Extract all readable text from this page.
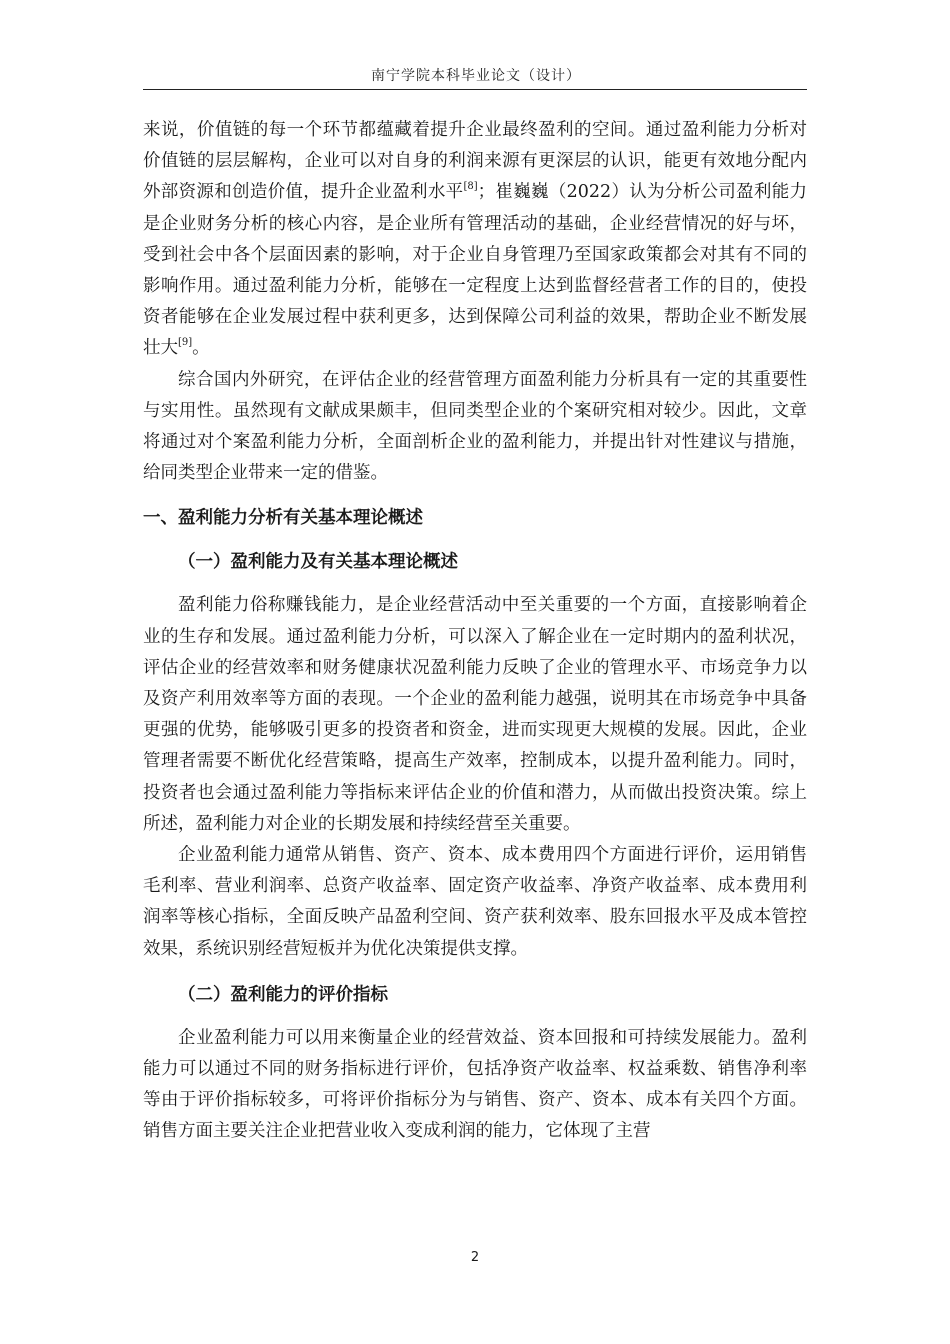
南宁学院本科毕业论文（设计）

来说，价值链的每一个环节都蕴藏着提升企业最终盈利的空间。通过盈利能力分析对价值链的层层解构，企业可以对自身的利润来源有更深层的认识，能更有效地分配内外部资源和创造价值，提升企业盈利水平[8]；崔巍巍（2022）认为分析公司盈利能力是企业财务分析的核心内容，是企业所有管理活动的基础，企业经营情况的好与坏，受到社会中各个层面因素的影响，对于企业自身管理乃至国家政策都会对其有不同的影响作用。通过盈利能力分析，能够在一定程度上达到监督经营者工作的目的，使投资者能够在企业发展过程中获利更多，达到保障公司利益的效果，帮助企业不断发展壮大[9]。

综合国内外研究，在评估企业的经营管理方面盈利能力分析具有一定的其重要性与实用性。虽然现有文献成果颇丰，但同类型企业的个案研究相对较少。因此，文章将通过对个案盈利能力分析，全面剖析企业的盈利能力，并提出针对性建议与措施，给同类型企业带来一定的借鉴。

一、盈利能力分析有关基本理论概述
（一）盈利能力及有关基本理论概述

盈利能力俗称赚钱能力，是企业经营活动中至关重要的一个方面，直接影响着企业的生存和发展。通过盈利能力分析，可以深入了解企业在一定时期内的盈利状况，评估企业的经营效率和财务健康状况盈利能力反映了企业的管理水平、市场竞争力以及资产利用效率等方面的表现。一个企业的盈利能力越强，说明其在市场竞争中具备更强的优势，能够吸引更多的投资者和资金，进而实现更大规模的发展。因此，企业管理者需要不断优化经营策略，提高生产效率，控制成本，以提升盈利能力。同时，投资者也会通过盈利能力等指标来评估企业的价值和潜力，从而做出投资决策。综上所述，盈利能力对企业的长期发展和持续经营至关重要。

企业盈利能力通常从销售、资产、资本、成本费用四个方面进行评价，运用销售毛利率、营业利润率、总资产收益率、固定资产收益率、净资产收益率、成本费用利润率等核心指标，全面反映产品盈利空间、资产获利效率、股东回报水平及成本管控效果，系统识别经营短板并为优化决策提供支撑。

（二）盈利能力的评价指标

企业盈利能力可以用来衡量企业的经营效益、资本回报和可持续发展能力。盈利能力可以通过不同的财务指标进行评价，包括净资产收益率、权益乘数、销售净利率等由于评价指标较多，可将评价指标分为与销售、资产、资本、成本有关四个方面。销售方面主要关注企业把营业收入变成利润的能力，它体现了主营

2
